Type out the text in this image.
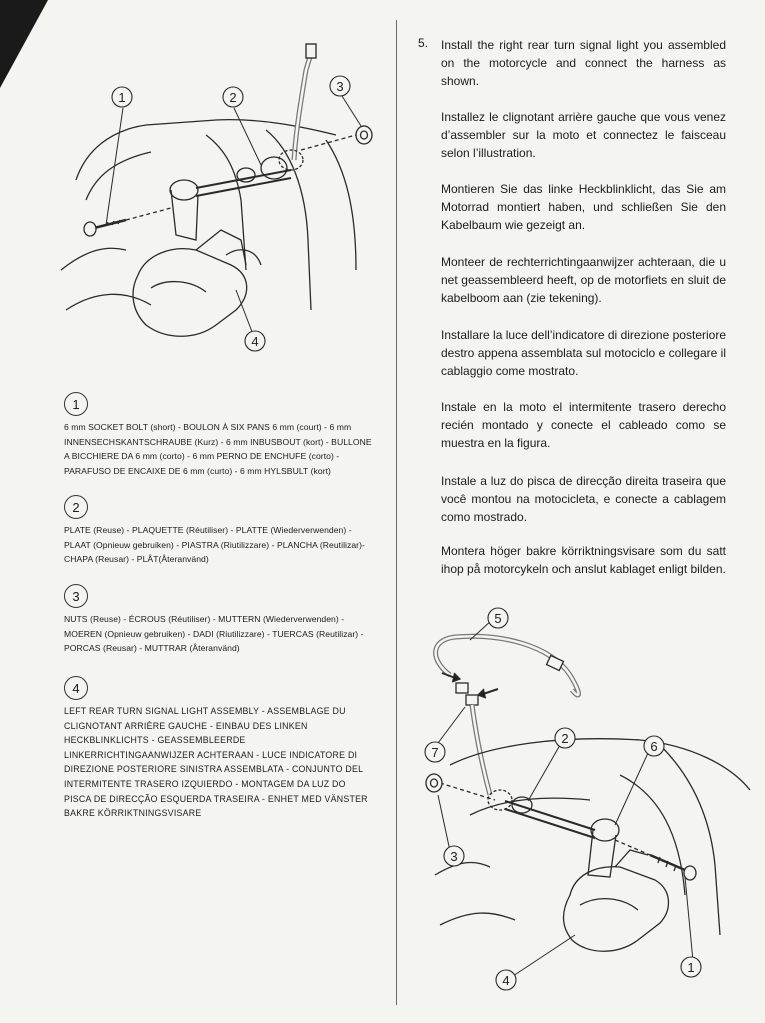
1	2
3
4
1
6 mm SOCKET BOLT (short) - BOULON À SIX PANS 6 mm (court) - 6 mm INNENSECHSKANTSCHRAUBE (Kurz) - 6 mm INBUSBOUT (kort) - BULLONE A BICCHIERE DA 6 mm (corto) - 6 mm PERNO DE ENCHUFE (corto) - PARAFUSO DE ENCAIXE DE 6 mm (curto) - 6 mm HYLSBULT (kort)
2
PLATE (Reuse) - PLAQUETTE (Réutiliser) - PLATTE (Wiederverwenden) - PLAAT (Opnieuw gebruiken) - PIASTRA (Riutilizzare) - PLANCHA (Reutilizar)- CHAPA (Reusar) - PLÅT(Återanvänd)
3
NUTS (Reuse) - ÉCROUS (Réutiliser) - MUTTERN (Wiederverwenden) - MOEREN (Opnieuw gebruiken) - DADI (Riutilizzare) - TUERCAS (Reutilizar) - PORCAS (Reusar) - MUTTRAR (Återanvänd)
4
LEFT REAR TURN SIGNAL LIGHT ASSEMBLY - ASSEMBLAGE DU CLIGNOTANT ARRIÈRE GAUCHE - EINBAU DES LINKEN HECKBLINKLICHTS - GEASSEMBLEERDE LINKERRICHTINGAANWIJZER ACHTERAAN - LUCE INDICATORE DI DIREZIONE POSTERIORE SINISTRA ASSEMBLATA - CONJUNTO DEL INTERMITENTE TRASERO IZQUIERDO - MONTAGEM DA LUZ DO PISCA DE DIRECÇÃO ESQUERDA TRASEIRA - ENHET MED VÄNSTER BAKRE KÖRRIKTNINGSVISARE
5. Install the right rear turn signal light you assembled on the motorcycle and connect the harness as shown.
Installez le clignotant arrière gauche que vous venez d’assembler sur la moto et connectez le faisceau selon l’illustration.
Montieren Sie das linke Heckblinklicht, das Sie am Motorrad montiert haben, und schließen Sie den Kabelbaum wie gezeigt an.
Monteer de rechterrichtingaanwijzer achteraan, die u net geassembleerd heeft, op de motorfiets en sluit de kabelboom aan (zie tekening).
Installare la luce dell’indicatore di direzione posteriore destro appena assemblata sul motociclo e collegare il cablaggio come mostrato.
Instale en la moto el intermitente trasero derecho recién montado y conecte el cableado como se muestra en la figura.
Instale a luz do pisca de direcção direita traseira que você montou na motocicleta, e conecte a cablagem como mostrado.
Montera höger bakre körriktningsvisare som du satt ihop på motorcykeln och anslut kablaget enligt bilden.
5
2
6
7
3
4
1
